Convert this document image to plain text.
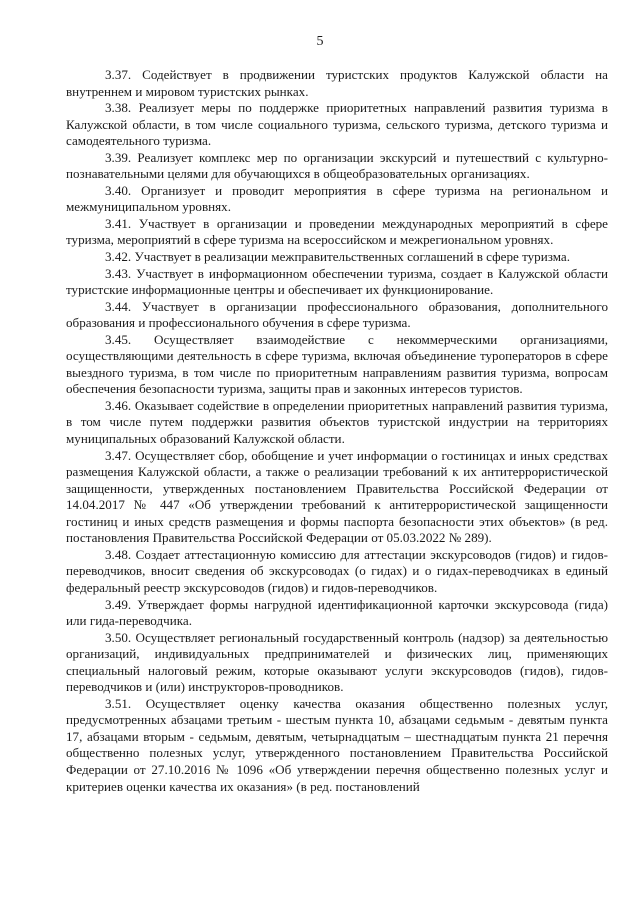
5

3.37. Содействует в продвижении туристских продуктов Калужской области на внутреннем и мировом туристских рынках.

3.38. Реализует меры по поддержке приоритетных направлений развития туризма в Калужской области, в том числе социального туризма, сельского туризма, детского туризма и самодеятельного туризма.

3.39. Реализует комплекс мер по организации экскурсий и путешествий с культурно-познавательными целями для обучающихся в общеобразовательных организациях.

3.40. Организует и проводит мероприятия в сфере туризма на региональном и межмуниципальном уровнях.

3.41. Участвует в организации и проведении международных мероприятий в сфере туризма, мероприятий в сфере туризма на всероссийском и межрегиональном уровнях.

3.42. Участвует в реализации межправительственных соглашений в сфере туризма.

3.43. Участвует в информационном обеспечении туризма, создает в Калужской области туристские информационные центры и обеспечивает их функционирование.

3.44. Участвует в организации профессионального образования, дополнительного образования и профессионального обучения в сфере туризма.

3.45. Осуществляет взаимодействие с некоммерческими организациями, осуществляющими деятельность в сфере туризма, включая объединение туроператоров в сфере выездного туризма, в том числе по приоритетным направлениям развития туризма, вопросам обеспечения безопасности туризма, защиты прав и законных интересов туристов.

3.46. Оказывает содействие в определении приоритетных направлений развития туризма, в том числе путем поддержки развития объектов туристской индустрии на территориях муниципальных образований Калужской области.

3.47. Осуществляет сбор, обобщение и учет информации о гостиницах и иных средствах размещения Калужской области, а также о реализации требований к их антитеррористической защищенности, утвержденных постановлением Правительства Российской Федерации от 14.04.2017 № 447 «Об утверждении требований к антитеррористической защищенности гостиниц и иных средств размещения и формы паспорта безопасности этих объектов» (в ред. постановления Правительства Российской Федерации от 05.03.2022 № 289).

3.48. Создает аттестационную комиссию для аттестации экскурсоводов (гидов) и гидов-переводчиков, вносит сведения об экскурсоводах (о гидах) и о гидах-переводчиках в единый федеральный реестр экскурсоводов (гидов) и гидов-переводчиков.

3.49. Утверждает формы нагрудной идентификационной карточки экскурсовода (гида) или гида-переводчика.

3.50. Осуществляет региональный государственный контроль (надзор) за деятельностью организаций, индивидуальных предпринимателей и физических лиц, применяющих специальный налоговый режим, которые оказывают услуги экскурсоводов (гидов), гидов-переводчиков и (или) инструкторов-проводников.

3.51. Осуществляет оценку качества оказания общественно полезных услуг, предусмотренных абзацами третьим - шестым пункта 10, абзацами седьмым - девятым пункта 17, абзацами вторым - седьмым, девятым, четырнадцатым – шестнадцатым пункта 21 перечня общественно полезных услуг, утвержденного постановлением Правительства Российской Федерации от 27.10.2016 № 1096 «Об утверждении перечня общественно полезных услуг и критериев оценки качества их оказания» (в ред. постановлений
